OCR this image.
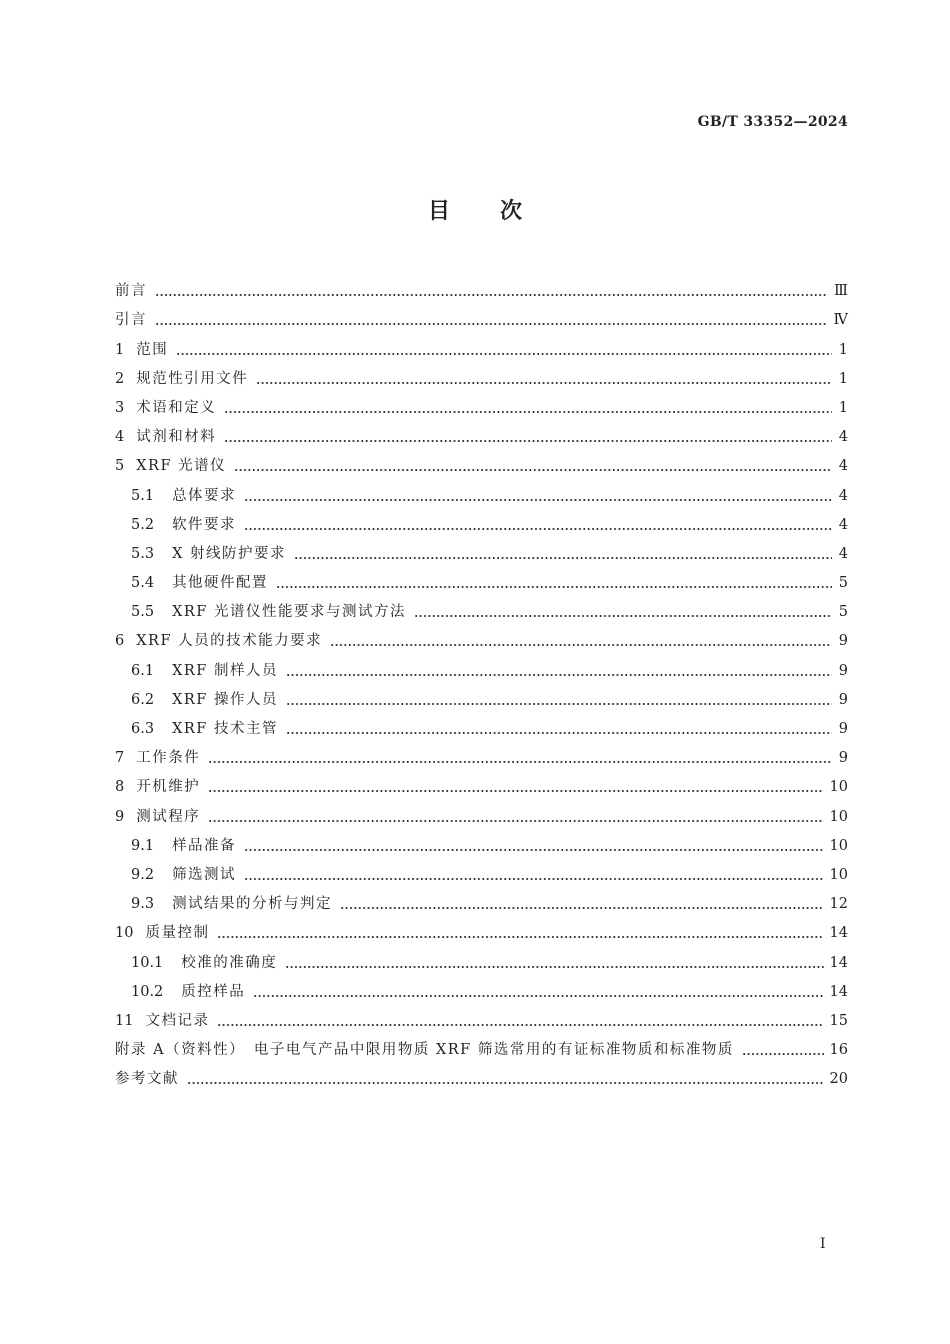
GB/T 33352—2024
目次
前言	Ⅲ
引言	Ⅳ
1 范围	1
2 规范性引用文件	1
3 术语和定义	1
4 试剂和材料	4
5 XRF 光谱仪	4
5.1 总体要求	4
5.2 软件要求	4
5.3 X 射线防护要求	4
5.4 其他硬件配置	5
5.5 XRF 光谱仪性能要求与测试方法	5
6 XRF 人员的技术能力要求	9
6.1 XRF 制样人员	9
6.2 XRF 操作人员	9
6.3 XRF 技术主管	9
7 工作条件	9
8 开机维护	10
9 测试程序	10
9.1 样品准备	10
9.2 筛选测试	10
9.3 测试结果的分析与判定	12
10 质量控制	14
10.1 校准的准确度	14
10.2 质控样品	14
11 文档记录	15
附录 A（资料性）　电子电气产品中限用物质 XRF 筛选常用的有证标准物质和标准物质	16
参考文献	20
I
